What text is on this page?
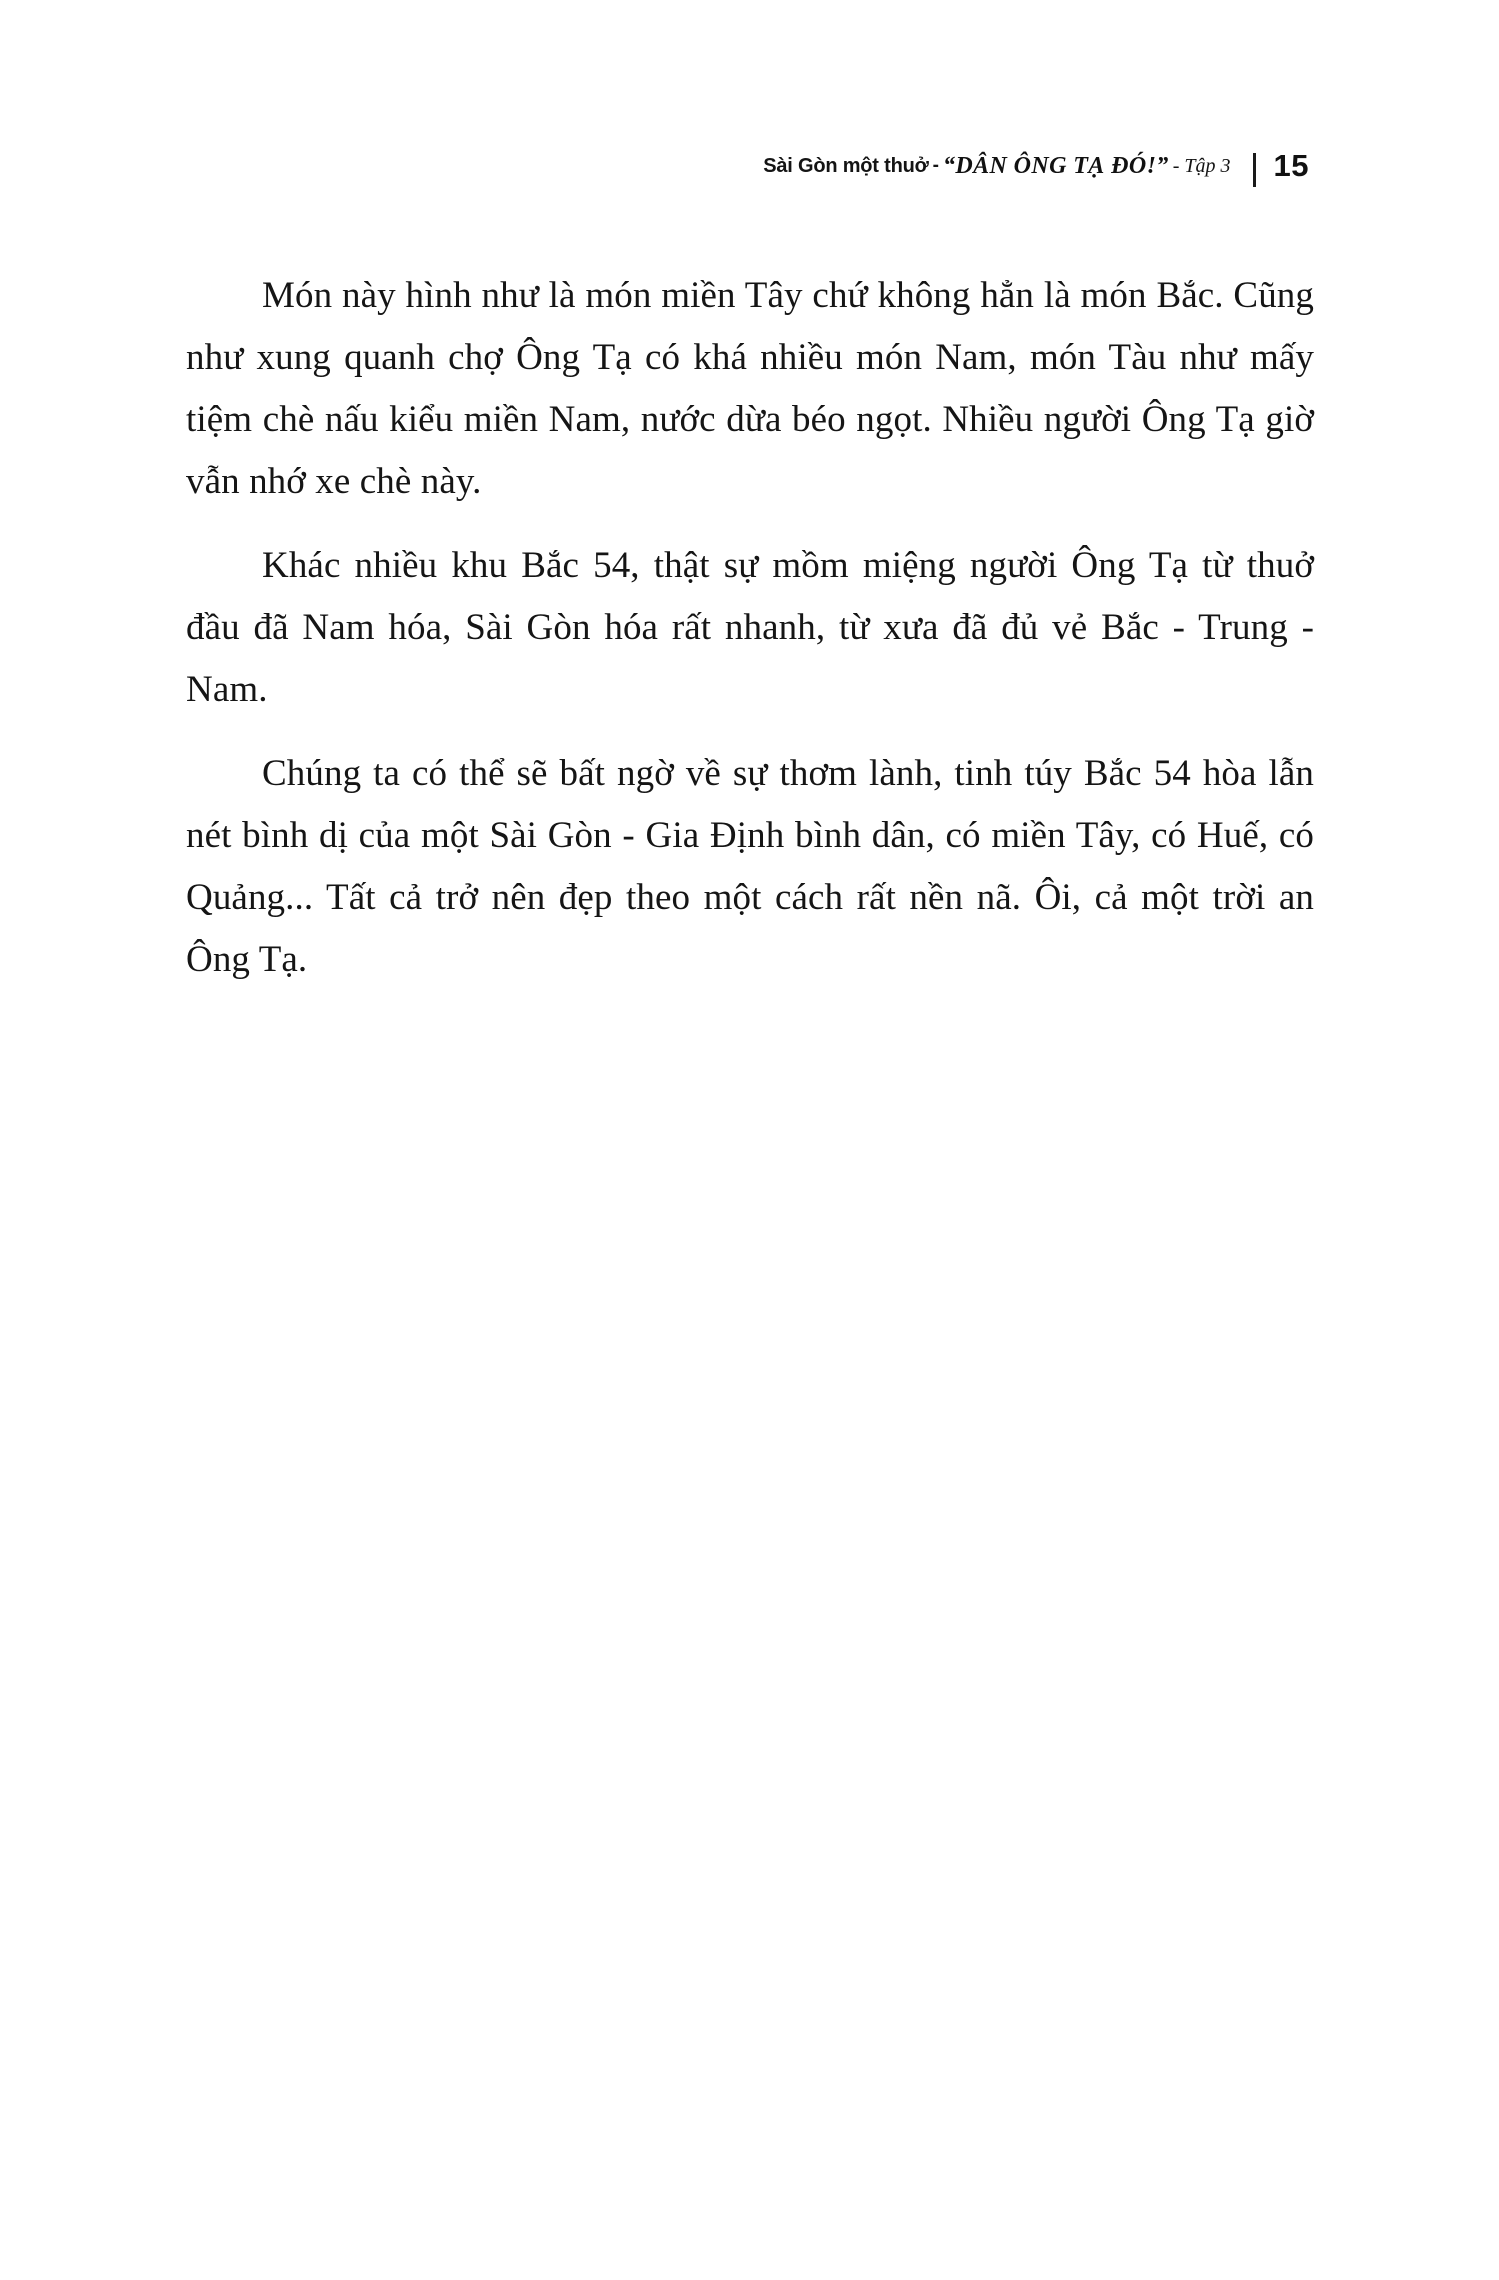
Sài Gòn một thuở - “DÂN ÔNG TẠ ĐÓ!” - Tập 3 15

Món này hình như là món miền Tây chứ không hẳn là món Bắc. Cũng như xung quanh chợ Ông Tạ có khá nhiều món Nam, món Tàu như mấy tiệm chè nấu kiểu miền Nam, nước dừa béo ngọt. Nhiều người Ông Tạ giờ vẫn nhớ xe chè này.

Khác nhiều khu Bắc 54, thật sự mồm miệng người Ông Tạ từ thuở đầu đã Nam hóa, Sài Gòn hóa rất nhanh, từ xưa đã đủ vẻ Bắc - Trung - Nam.

Chúng ta có thể sẽ bất ngờ về sự thơm lành, tinh túy Bắc 54 hòa lẫn nét bình dị của một Sài Gòn - Gia Định bình dân, có miền Tây, có Huế, có Quảng... Tất cả trở nên đẹp theo một cách rất nền nã. Ôi, cả một trời an Ông Tạ.
